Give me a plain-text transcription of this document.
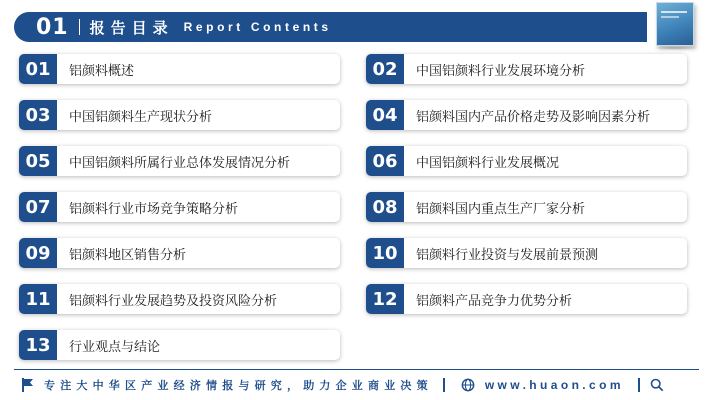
01 报告目录 Report Contents
01	铝颜料概述	02	中国铝颜料行业发展环境分析
03	中国铝颜料生产现状分析	04	铝颜料国内产品价格走势及影响因素分析
05	中国铝颜料所属行业总体发展情况分析	06	中国铝颜料行业发展概况
07	铝颜料行业市场竞争策略分析	08	铝颜料国内重点生产厂家分析
09	铝颜料地区销售分析	10	铝颜料行业投资与发展前景预测
11	铝颜料行业发展趋势及投资风险分析	12	铝颜料产品竞争力优势分析
13	行业观点与结论
专注大中华区产业经济情报与研究，助力企业商业决策	www.huaon.com
